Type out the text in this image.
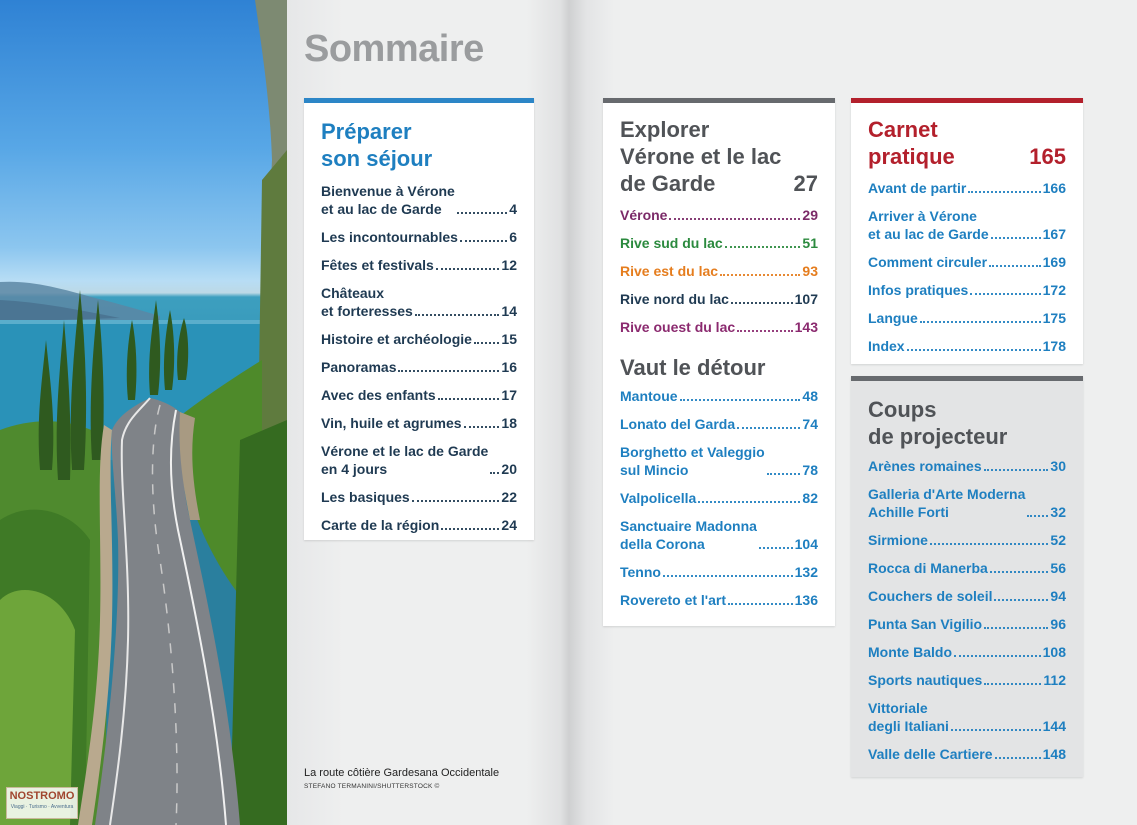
NOSTROMO
Viaggi · Turismo · Avventura
Sommaire
Préparer
son séjour
Bienvenue à Vérone
et au lac de Garde	4
Les incontournables	6
Fêtes et festivals	12
Châteaux
et forteresses	14
Histoire et archéologie 15
Panoramas	16
Avec des enfants	17
Vin, huile et agrumes	18
Vérone et le lac de Garde
en 4 jours	20
Les basiques	22
Carte de la région	24
Explorer
Vérone et le lac
de Garde	27
Vérone	29
Rive sud du lac	51
Rive est du lac	93
Rive nord du lac	107
Rive ouest du lac	143
Vaut le détour
Mantoue	48
Lonato del Garda	74
Borghetto et Valeggio
sul Mincio	78
Valpolicella	82
Sanctuaire Madonna
della Corona	104
Tenno	132
Rovereto et l'art	136
Carnet
pratique	165
Avant de partir	166
Arriver à Vérone
et au lac de Garde	167
Comment circuler	169
Infos pratiques	172
Langue	175
Index	178
Coups
de projecteur
Arènes romaines	30
Galleria d'Arte Moderna
Achille Forti	32
Sirmione	52
Rocca di Manerba	56
Couchers de soleil	94
Punta San Vigilio	96
Monte Baldo	108
Sports nautiques	112
Vittoriale
degli Italiani	144
Valle delle Cartiere	148
La route côtière Gardesana Occidentale
STEFANO TERMANINI/SHUTTERSTOCK ©
